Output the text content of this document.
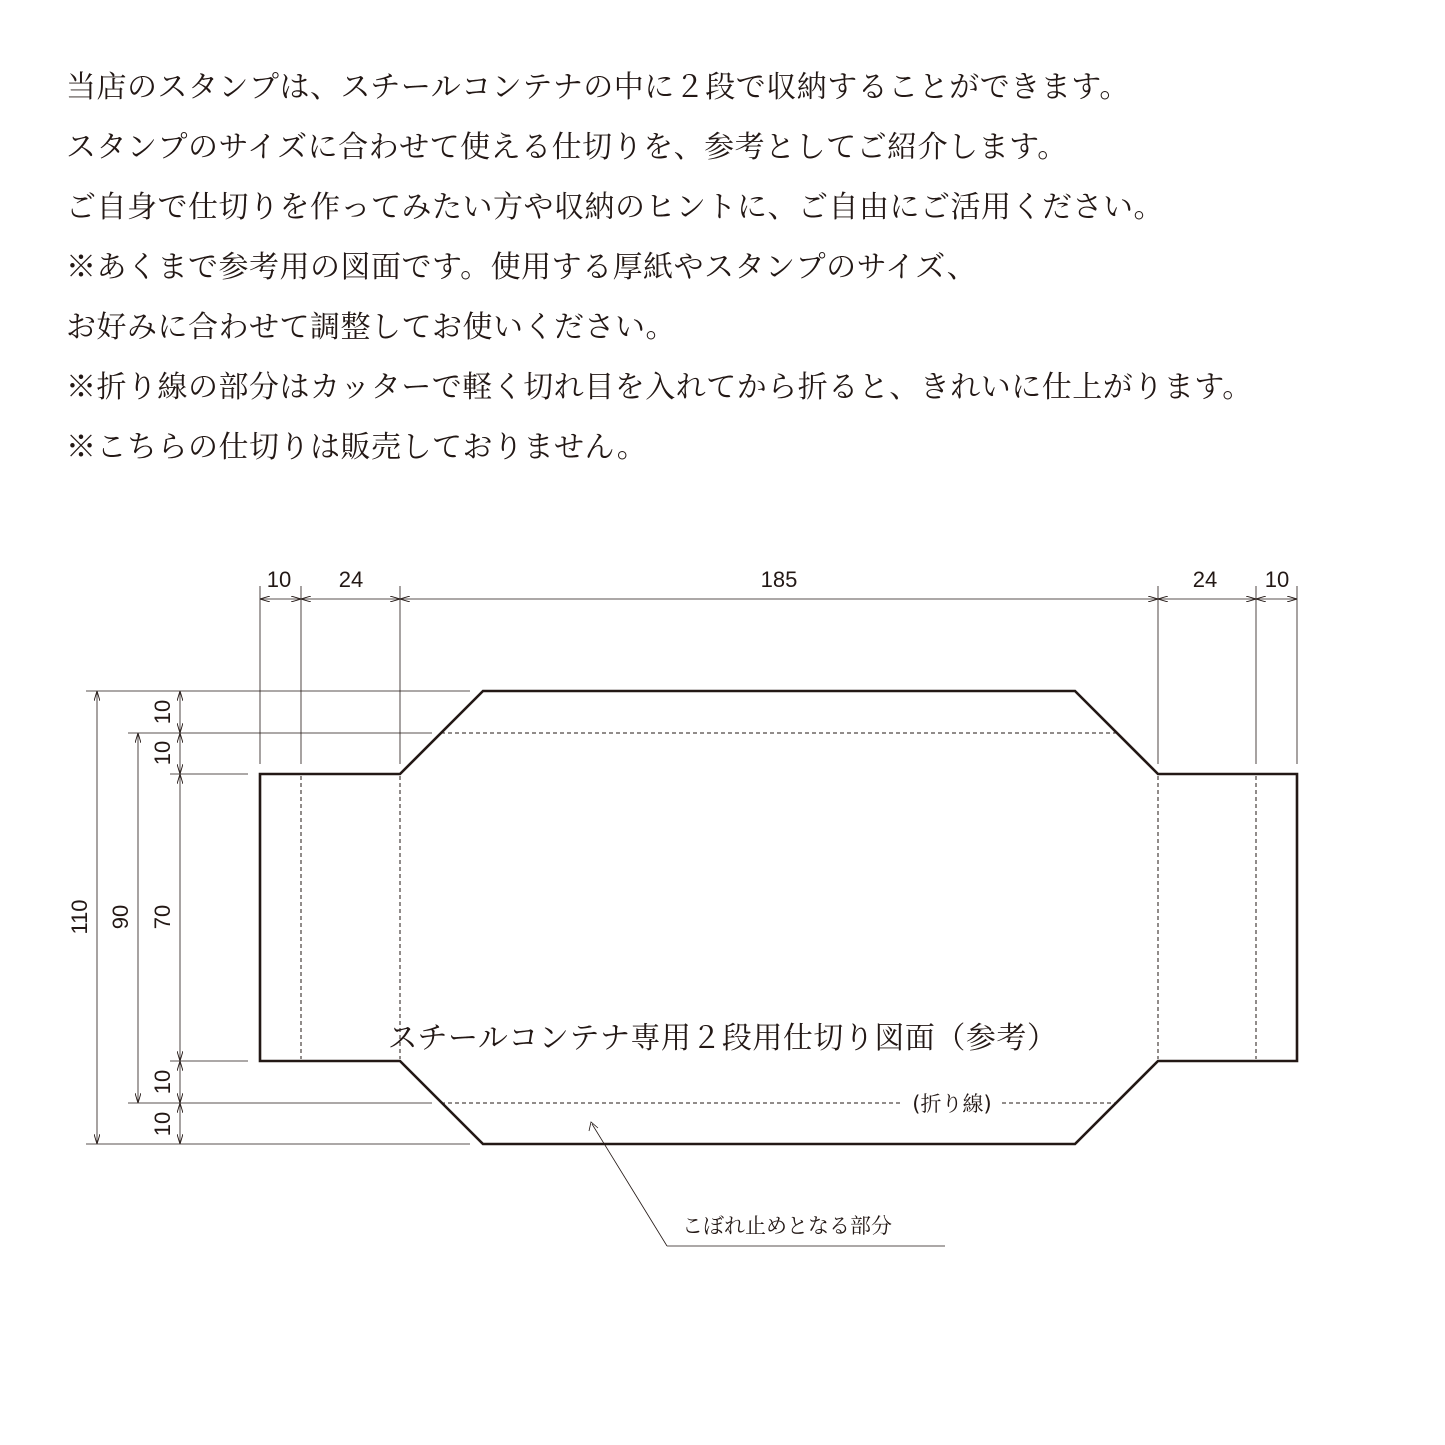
当店のスタンプは、スチールコンテナの中に２段で収納することができます。
スタンプのサイズに合わせて使える仕切りを、参考としてご紹介します。
ご自身で仕切りを作ってみたい方や収納のヒントに、ご自由にご活用ください。
※あくまで参考用の図面です。使用する厚紙やスタンプのサイズ、
お好みに合わせて調整してお使いください。
※折り線の部分はカッターで軽く切れ目を入れてから折ると、きれいに仕上がります。
※こちらの仕切りは販売しておりません。
10 24	185	24 10
110 90 70
10
10
10
10
(折り線)
こぼれ止めとなる部分
スチールコンテナ専用２段用仕切り図面（参考）
